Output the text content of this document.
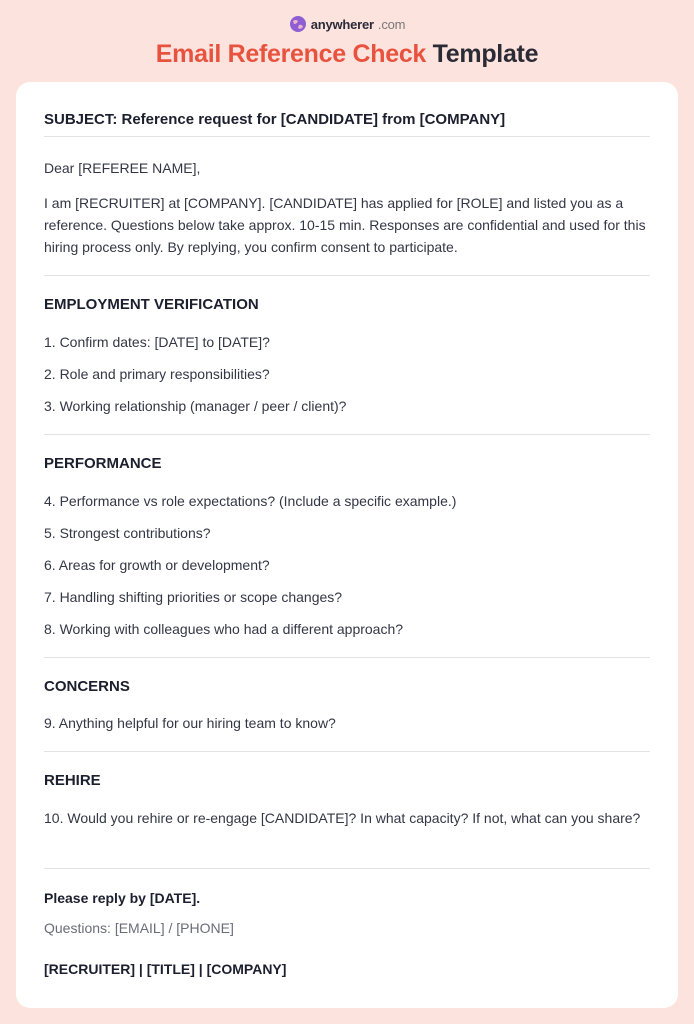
anywherer .com
Email Reference Check Template
SUBJECT: Reference request for [CANDIDATE] from [COMPANY]
Dear [REFEREE NAME],
I am [RECRUITER] at [COMPANY]. [CANDIDATE] has applied for [ROLE] and listed you as a reference. Questions below take approx. 10-15 min. Responses are confidential and used for this hiring process only. By replying, you confirm consent to participate.
EMPLOYMENT VERIFICATION
1. Confirm dates: [DATE] to [DATE]?
2. Role and primary responsibilities?
3. Working relationship (manager / peer / client)?
PERFORMANCE
4. Performance vs role expectations? (Include a specific example.)
5. Strongest contributions?
6. Areas for growth or development?
7. Handling shifting priorities or scope changes?
8. Working with colleagues who had a different approach?
CONCERNS
9. Anything helpful for our hiring team to know?
REHIRE
10. Would you rehire or re-engage [CANDIDATE]? In what capacity? If not, what can you share?
Please reply by [DATE].
Questions: [EMAIL] / [PHONE]
[RECRUITER] | [TITLE] | [COMPANY]
